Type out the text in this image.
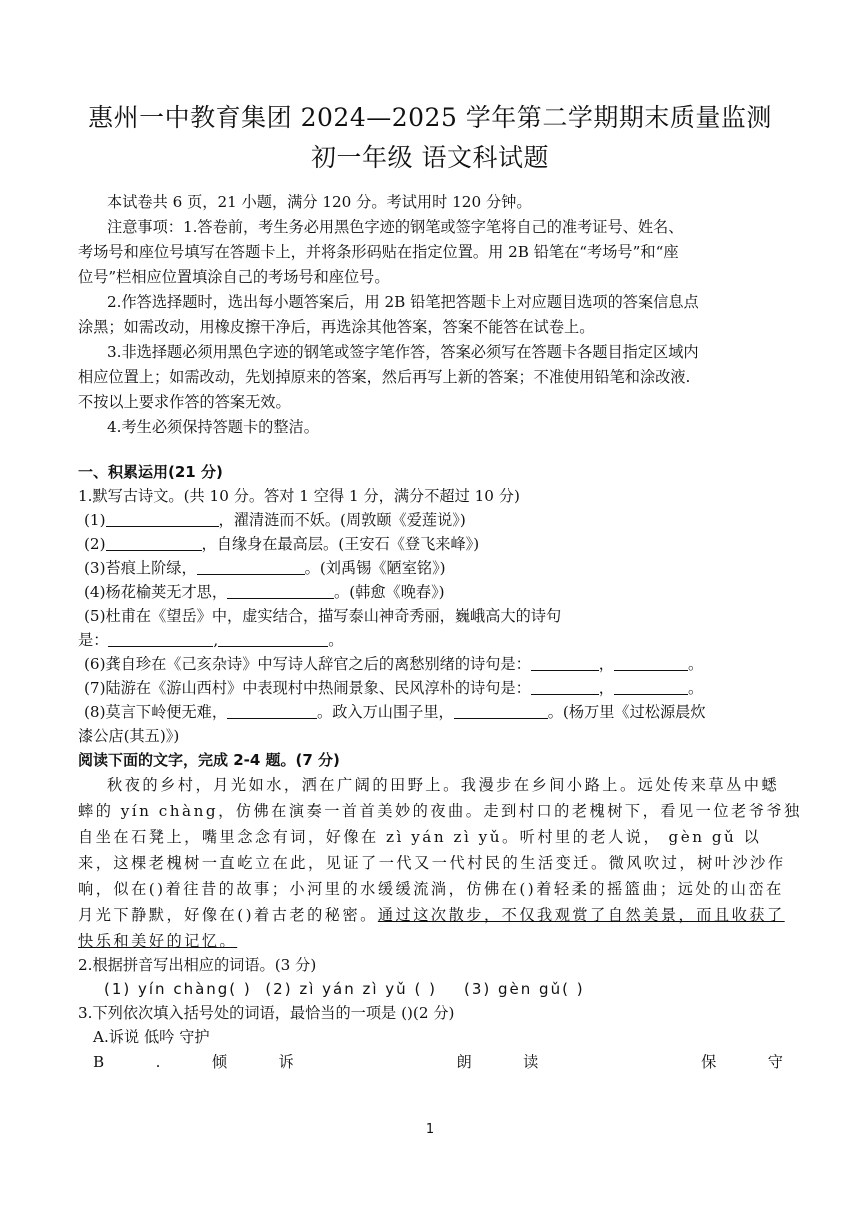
惠州一中教育集团 2024—2025 学年第二学期期末质量监测
初一年级 语文科试题
本试卷共 6 页，21 小题，满分 120 分。考试用时 120 分钟。
注意事项：1.答卷前，考生务必用黑色字迹的钢笔或签字笔将自己的准考证号、姓名、
考场号和座位号填写在答题卡上，并将条形码贴在指定位置。用 2B 铅笔在“考场号”和“座
位号”栏相应位置填涂自己的考场号和座位号。
2.作答选择题时，选出每小题答案后，用 2B 铅笔把答题卡上对应题目选项的答案信息点
涂黑；如需改动，用橡皮擦干净后，再选涂其他答案，答案不能答在试卷上。
3.非选择题必须用黑色字迹的钢笔或签字笔作答，答案必须写在答题卡各题目指定区域内
相应位置上；如需改动，先划掉原来的答案，然后再写上新的答案；不准使用铅笔和涂改液.
不按以上要求作答的答案无效。
4.考生必须保持答题卡的整洁。
一、积累运用(21 分)
1.默写古诗文。(共 10 分。答对 1 空得 1 分，满分不超过 10 分)
(1)	，濯清涟而不妖。(周敦颐《爱莲说》)
(2)	，自缘身在最高层。(王安石《登飞来峰》)
(3)苔痕上阶绿，	。(刘禹锡《陋室铭》)
(4)杨花榆荚无才思，	。(韩愈《晚春》)
(5)杜甫在《望岳》中，虚实结合，描写泰山神奇秀丽，巍峨高大的诗句
是：	,	。
(6)龚自珍在《己亥杂诗》中写诗人辞官之后的离愁别绪的诗句是：	，	。
(7)陆游在《游山西村》中表现村中热闹景象、民风淳朴的诗句是：	，	。
(8)莫言下岭便无难，	。政入万山围子里，	。(杨万里《过松源晨炊
漆公店(其五)》)
阅读下面的文字，完成 2-4 题。(7 分)
秋夜的乡村，月光如水，洒在广阔的田野上。我漫步在乡间小路上。远处传来草丛中蟋
蟀的 yín chàng，仿佛在演奏一首首美妙的夜曲。走到村口的老槐树下，看见一位老爷爷独
自坐在石凳上，嘴里念念有词，好像在 zì yán zì yǔ。听村里的老人说， gèn gǔ 以
来，这棵老槐树一直屹立在此，见证了一代又一代村民的生活变迁。微风吹过，树叶沙沙作
响，似在()着往昔的故事；小河里的水缓缓流淌，仿佛在()着轻柔的摇篮曲；远处的山峦在
月光下静默，好像在()着古老的秘密。通过这次散步，不仅我观赏了自然美景，而且收获了
快乐和美好的记忆。
2.根据拼音写出相应的词语。(3 分)
(1) yín chàng( ) (2) zì yán zì yǔ ( ) (3) gèn gǔ( )
3.下列依次填入括号处的词语，最恰当的一项是 ()(2 分)
A.诉说 低吟 守护
B	.	倾	诉	朗	读	保	守
1
